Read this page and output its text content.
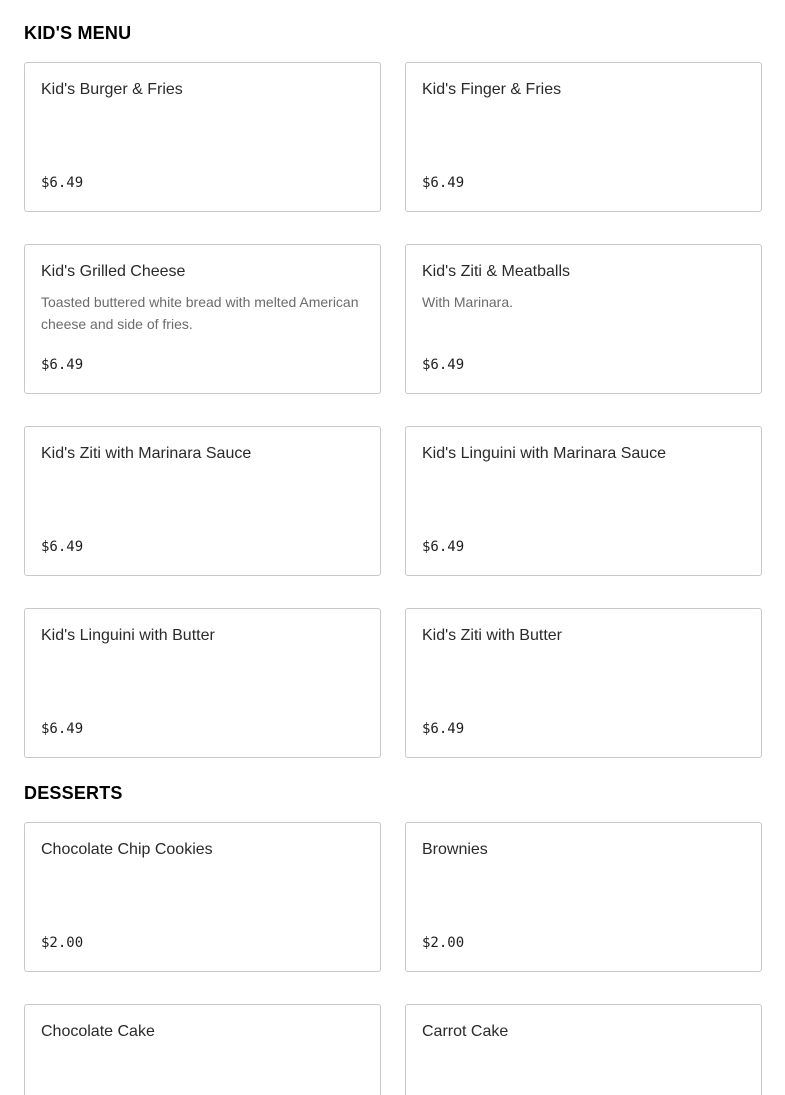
KID'S MENU
Kid's Burger & Fries
$6.49
Kid's Finger & Fries
$6.49
Kid's Grilled Cheese
Toasted buttered white bread with melted American cheese and side of fries.
$6.49
Kid's Ziti & Meatballs
With Marinara.
$6.49
Kid's Ziti with Marinara Sauce
$6.49
Kid's Linguini with Marinara Sauce
$6.49
Kid's Linguini with Butter
$6.49
Kid's Ziti with Butter
$6.49
DESSERTS
Chocolate Chip Cookies
$2.00
Brownies
$2.00
Chocolate Cake	Carrot Cake
